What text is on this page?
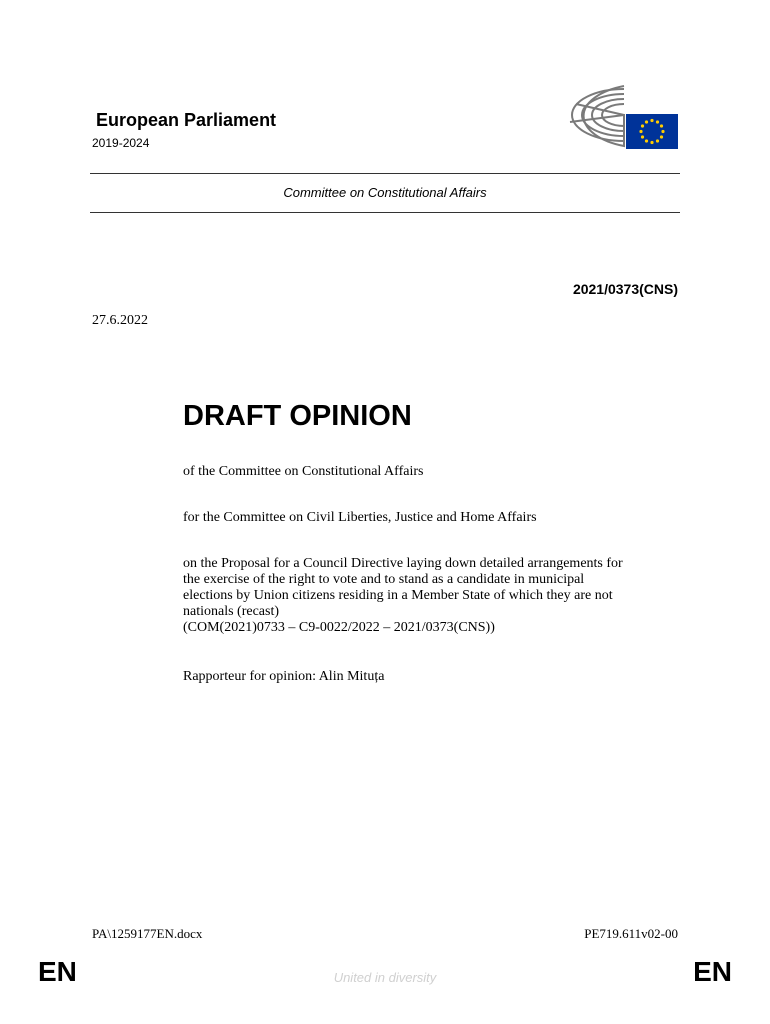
European Parliament
2019-2024
Committee on Constitutional Affairs
2021/0373(CNS)
27.6.2022
DRAFT OPINION
of the Committee on Constitutional Affairs
for the Committee on Civil Liberties, Justice and Home Affairs
on the Proposal for a Council Directive laying down detailed arrangements for
the exercise of the right to vote and to stand as a candidate in municipal
elections by Union citizens residing in a Member State of which they are not
nationals (recast)
(COM(2021)0733 – C9-0022/2022 – 2021/0373(CNS))
Rapporteur for opinion: Alin Mituța
PA\1259177EN.docx	PE719.611v02-00
EN	United in diversity	EN
